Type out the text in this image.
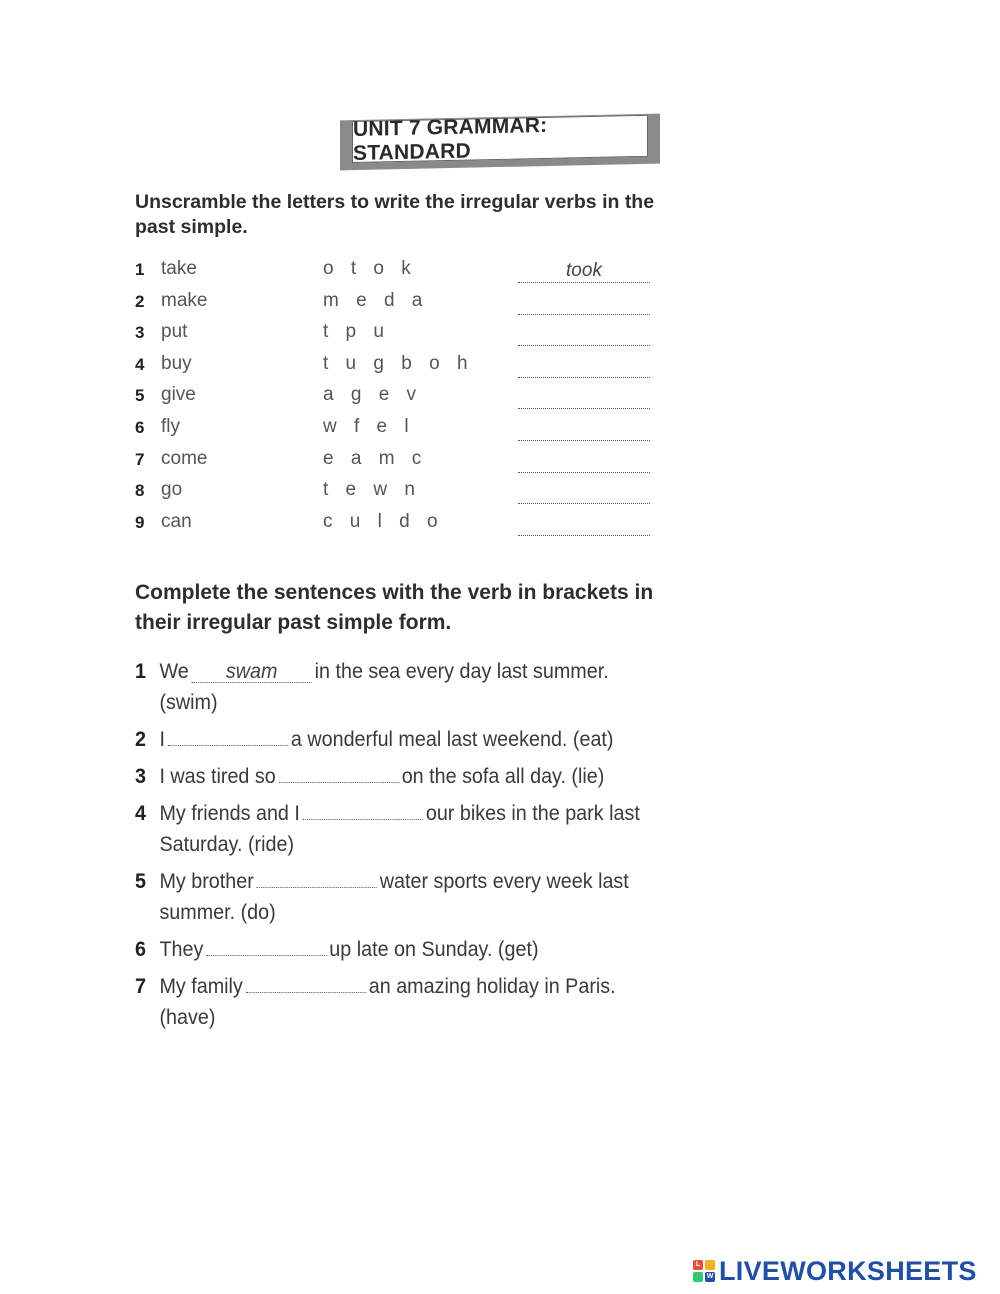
UNIT 7 GRAMMAR: STANDARD
Unscramble the letters to write the irregular verbs in the past simple.
1 take	o t o k	took
2 make	m e d a
3 put	t p u
4 buy	t u g b o h
5 give	a g e v
6 fly	w f e l
7 come	e a m c
8 go	t e w n
9 can	c u l d o
Complete the sentences with the verb in brackets in their irregular past simple form.
1 We swam in the sea every day last summer. (swim)
2 I	a wonderful meal last weekend. (eat)
3 I was tired so	on the sofa all day. (lie)
4 My friends and I	our bikes in the park last Saturday. (ride)
5 My brother	water sports every week last summer. (do)
6 They	up late on Sunday. (get)
7 My family	an amazing holiday in Paris. (have)
L
W LIVEWORKSHEETS
